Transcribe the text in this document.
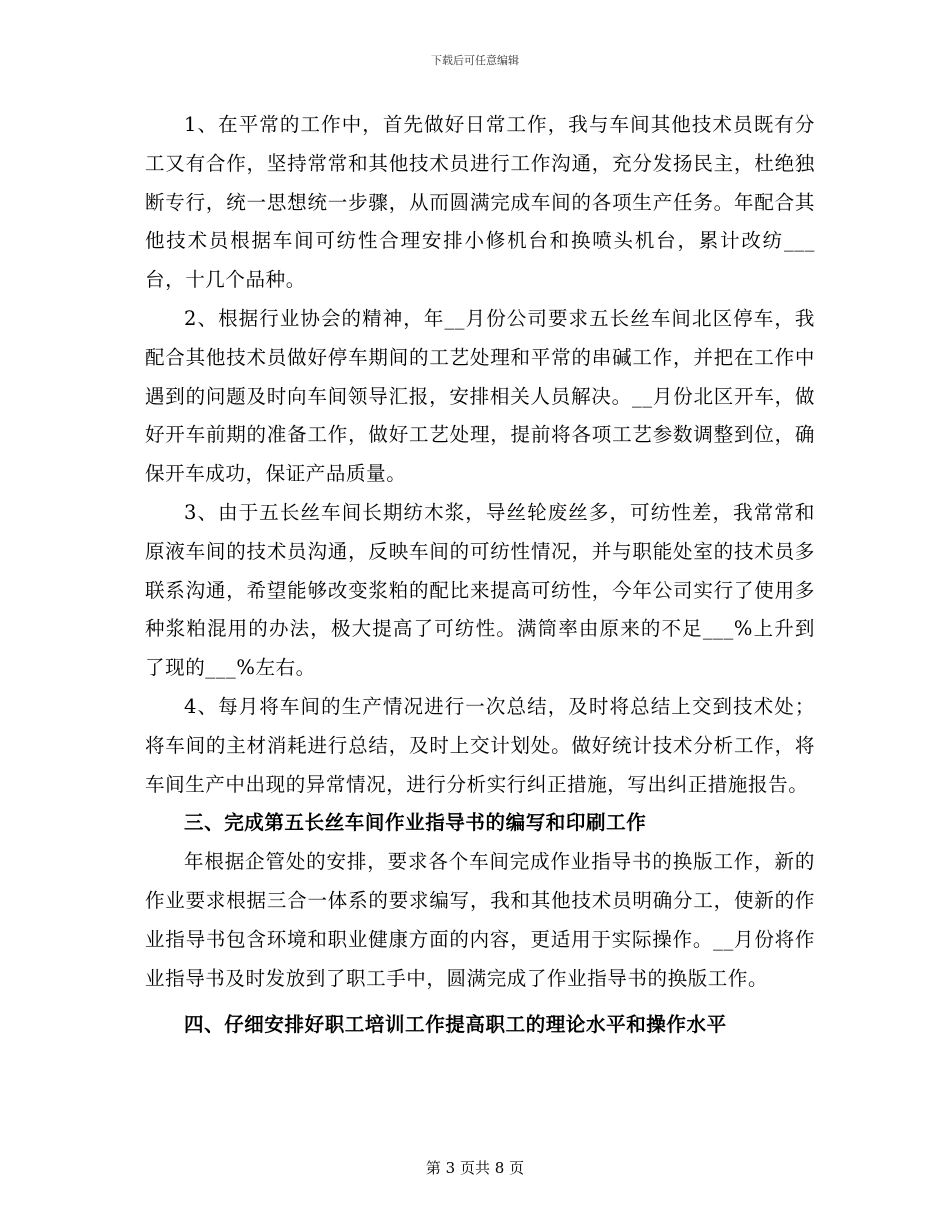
下载后可任意编辑

1、在平常的工作中，首先做好日常工作，我与车间其他技术员既有分工又有合作，坚持常常和其他技术员进行工作沟通，充分发扬民主，杜绝独断专行，统一思想统一步骤，从而圆满完成车间的各项生产任务。年配合其他技术员根据车间可纺性合理安排小修机台和换喷头机台，累计改纺___台，十几个品种。

2、根据行业协会的精神，年__月份公司要求五长丝车间北区停车，我配合其他技术员做好停车期间的工艺处理和平常的串碱工作，并把在工作中遇到的问题及时向车间领导汇报，安排相关人员解决。__月份北区开车，做好开车前期的准备工作，做好工艺处理，提前将各项工艺参数调整到位，确保开车成功，保证产品质量。

3、由于五长丝车间长期纺木浆，导丝轮废丝多，可纺性差，我常常和原液车间的技术员沟通，反映车间的可纺性情况，并与职能处室的技术员多联系沟通，希望能够改变浆粕的配比来提高可纺性，今年公司实行了使用多种浆粕混用的办法，极大提高了可纺性。满筒率由原来的不足___%上升到了现的___%左右。

4、每月将车间的生产情况进行一次总结，及时将总结上交到技术处；将车间的主材消耗进行总结，及时上交计划处。做好统计技术分析工作，将车间生产中出现的异常情况，进行分析实行纠正措施，写出纠正措施报告。

三、完成第五长丝车间作业指导书的编写和印刷工作

年根据企管处的安排，要求各个车间完成作业指导书的换版工作，新的作业要求根据三合一体系的要求编写，我和其他技术员明确分工，使新的作业指导书包含环境和职业健康方面的内容，更适用于实际操作。__月份将作业指导书及时发放到了职工手中，圆满完成了作业指导书的换版工作。

四、仔细安排好职工培训工作提高职工的理论水平和操作水平

第 3 页共 8 页
